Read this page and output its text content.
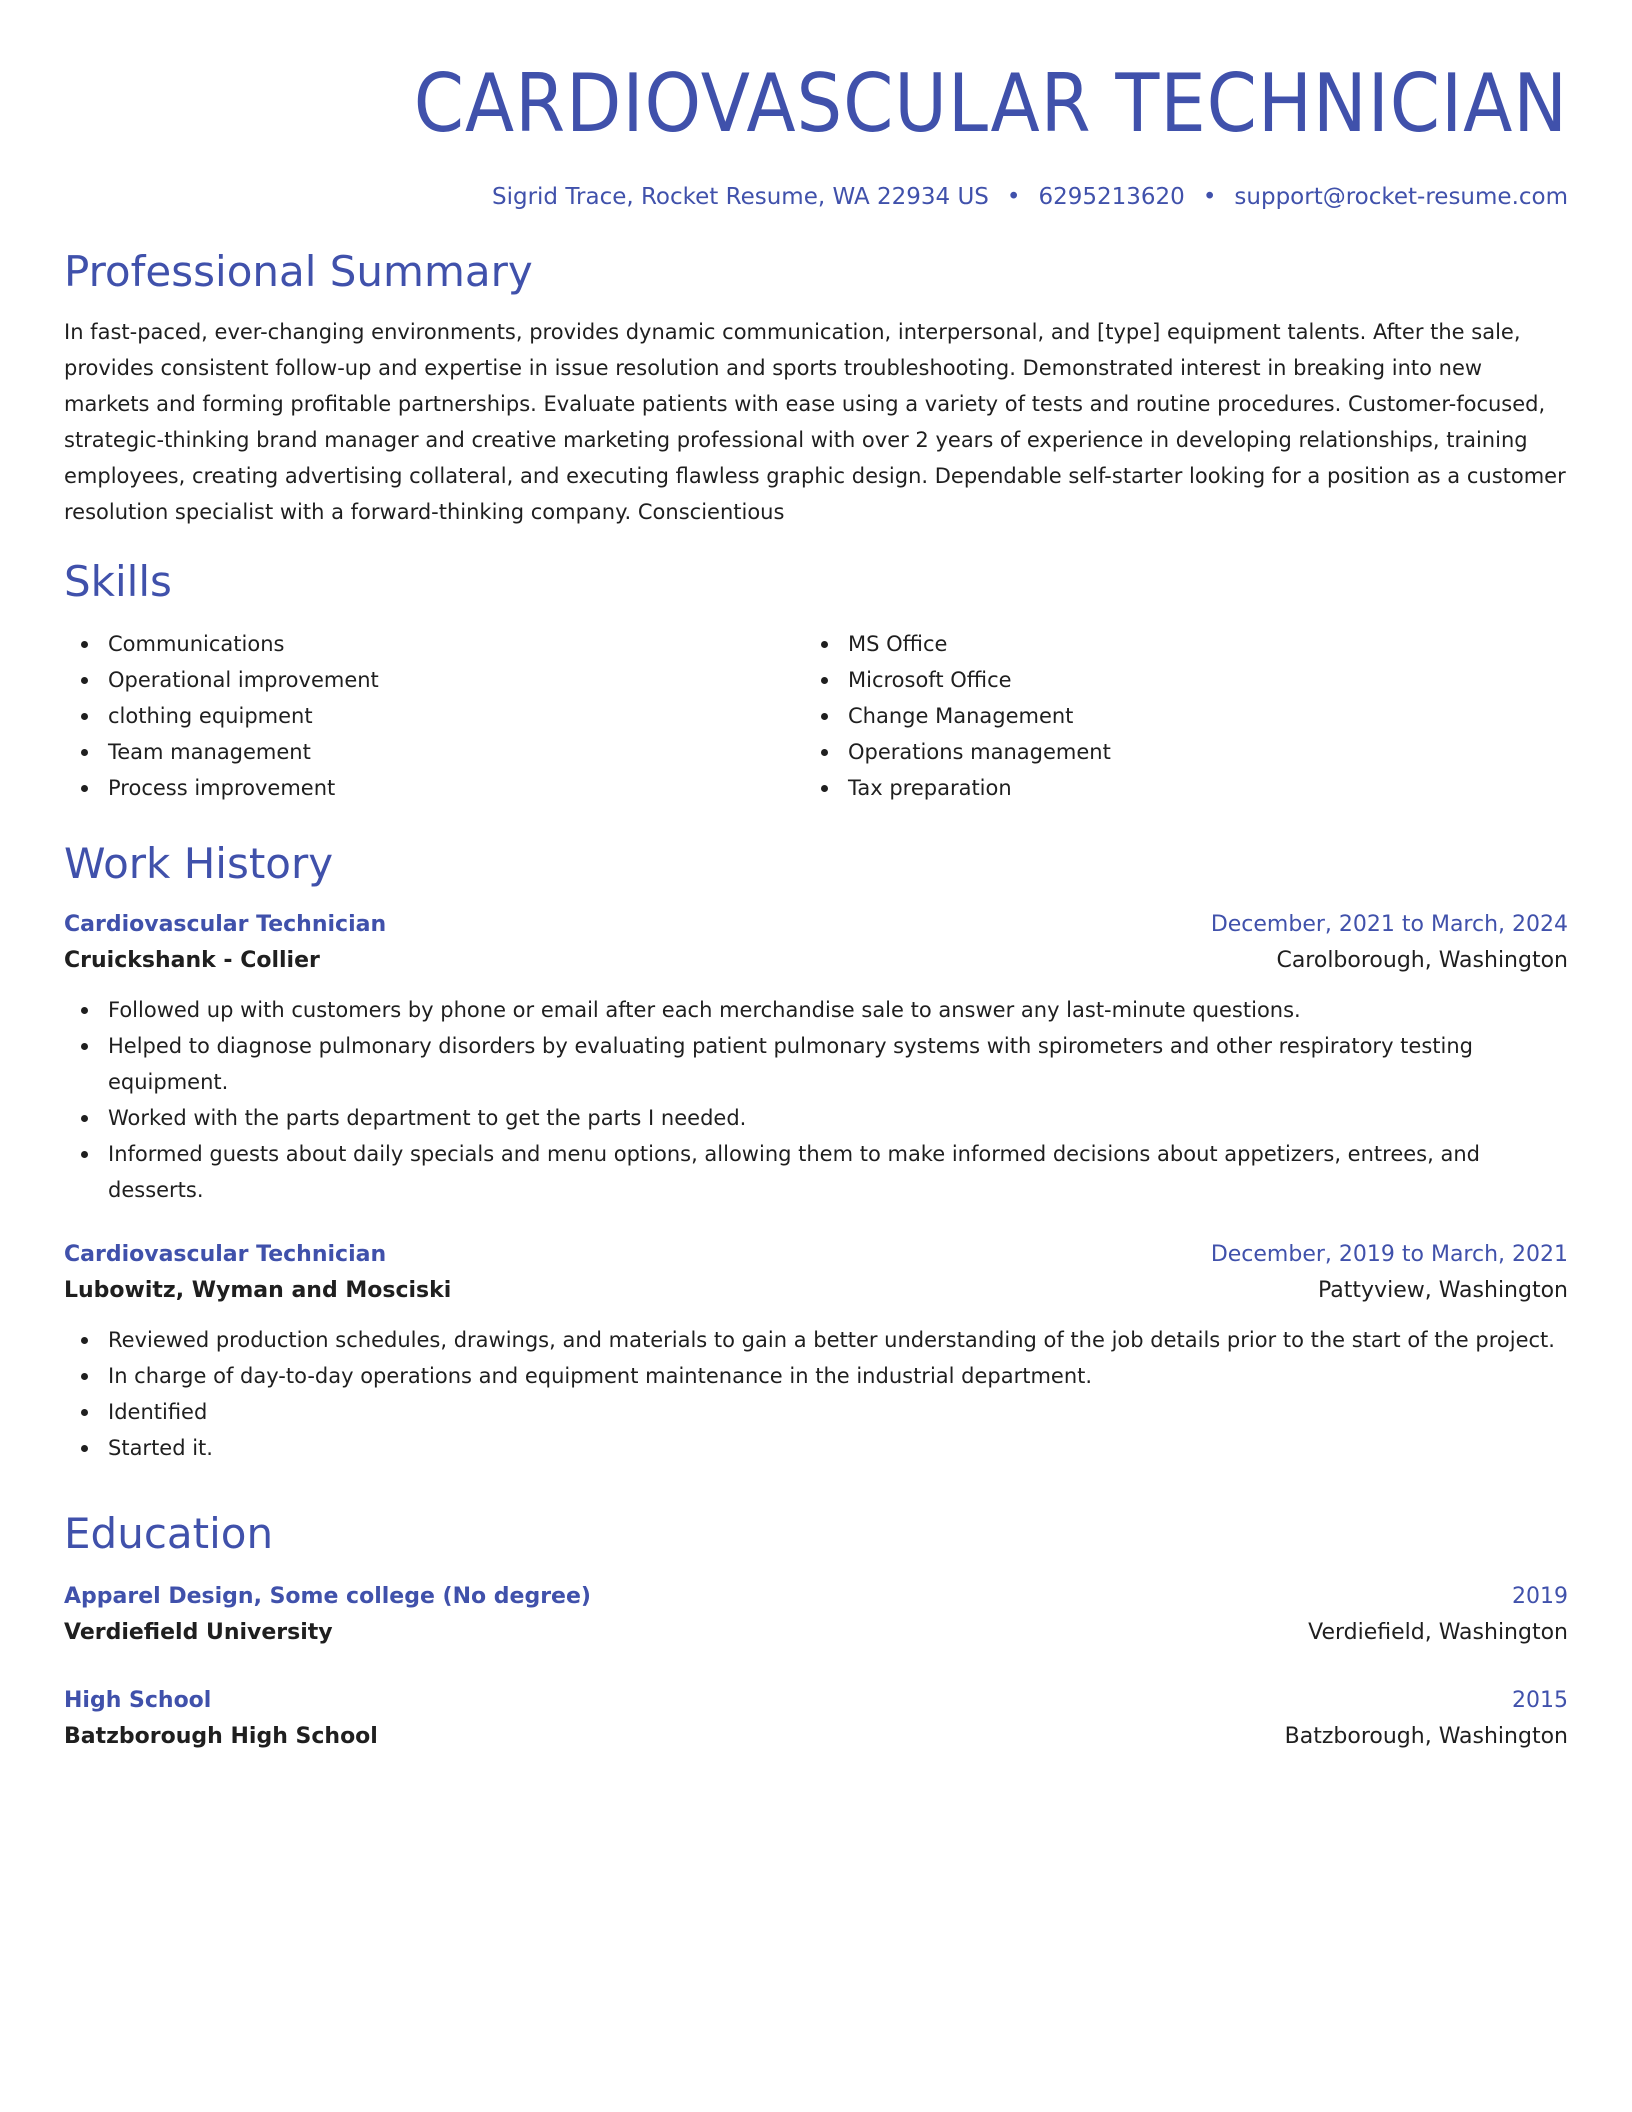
CARDIOVASCULAR TECHNICIAN
Sigrid Trace, Rocket Resume, WA 22934 US • 6295213620 • support@rocket-resume.com
Professional Summary

In fast-paced, ever-changing environments, provides dynamic communication, interpersonal, and [type] equipment talents. After the sale, provides consistent follow-up and expertise in issue resolution and sports troubleshooting. Demonstrated interest in breaking into new markets and forming profitable partnerships. Evaluate patients with ease using a variety of tests and routine procedures. Customer-focused, strategic-thinking brand manager and creative marketing professional with over 2 years of experience in developing relationships, training employees, creating advertising collateral, and executing flawless graphic design. Dependable self-starter looking for a position as a customer resolution specialist with a forward-thinking company. Conscientious

Skills
Communications
Operational improvement
clothing equipment
Team management
Process improvement
MS Office
Microsoft Office
Change Management
Operations management
Tax preparation
Work History
Cardiovascular Technician	December, 2021 to March, 2024
Cruickshank - Collier	Carolborough, Washington
Followed up with customers by phone or email after each merchandise sale to answer any last-minute questions.
Helped to diagnose pulmonary disorders by evaluating patient pulmonary systems with spirometers and other respiratory testing equipment.
Worked with the parts department to get the parts I needed.
Informed guests about daily specials and menu options, allowing them to make informed decisions about appetizers, entrees, and desserts.
Cardiovascular Technician	December, 2019 to March, 2021
Lubowitz, Wyman and Mosciski	Pattyview, Washington
Reviewed production schedules, drawings, and materials to gain a better understanding of the job details prior to the start of the project.
In charge of day-to-day operations and equipment maintenance in the industrial department.
Identified
Started it.
Education
Apparel Design, Some college (No degree)	2019
Verdiefield University	Verdiefield, Washington
High School	2015
Batzborough High School	Batzborough, Washington
